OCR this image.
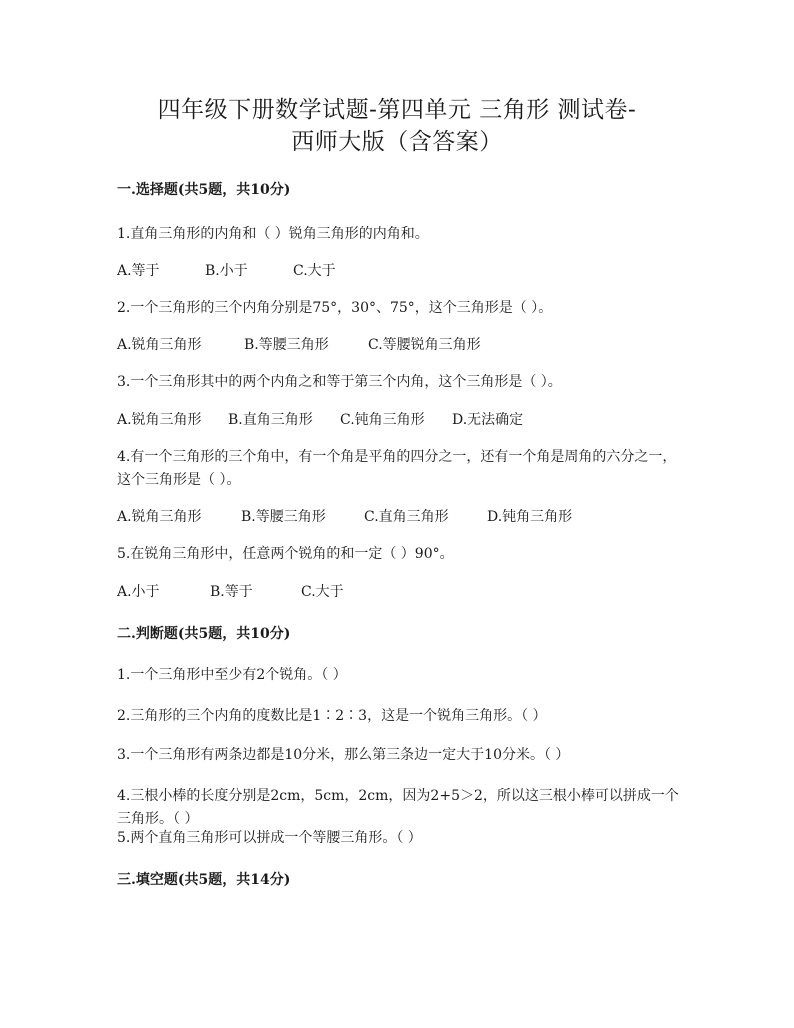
四年级下册数学试题-第四单元 三角形 测试卷-
西师大版（含答案）
一.选择题(共5题，共10分)
1.直角三角形的内角和（ ）锐角三角形的内角和。
A.等于	B.小于	C.大于
2.一个三角形的三个内角分别是75°，30°、75°，这个三角形是（ ）。
A.锐角三角形	B.等腰三角形	C.等腰锐角三角形
3.一个三角形其中的两个内角之和等于第三个内角，这个三角形是（ ）。
A.锐角三角形 B.直角三角形 C.钝角三角形 D.无法确定
4.有一个三角形的三个角中，有一个角是平角的四分之一，还有一个角是周角的六分之一，这个三角形是（ ）。
A.锐角三角形	B.等腰三角形	C.直角三角形	D.钝角三角形
5.在锐角三角形中，任意两个锐角的和一定（ ）90°。
A.小于	B.等于	C.大于
二.判断题(共5题，共10分)
1.一个三角形中至少有2个锐角。（ ）
2.三角形的三个内角的度数比是1∶2∶3，这是一个锐角三角形。（ ）
3.一个三角形有两条边都是10分米，那么第三条边一定大于10分米。（ ）
4.三根小棒的长度分别是2cm，5cm，2cm，因为2+5＞2，所以这三根小棒可以拼成一个三角形。（ ）
5.两个直角三角形可以拼成一个等腰三角形。（ ）
三.填空题(共5题，共14分)
